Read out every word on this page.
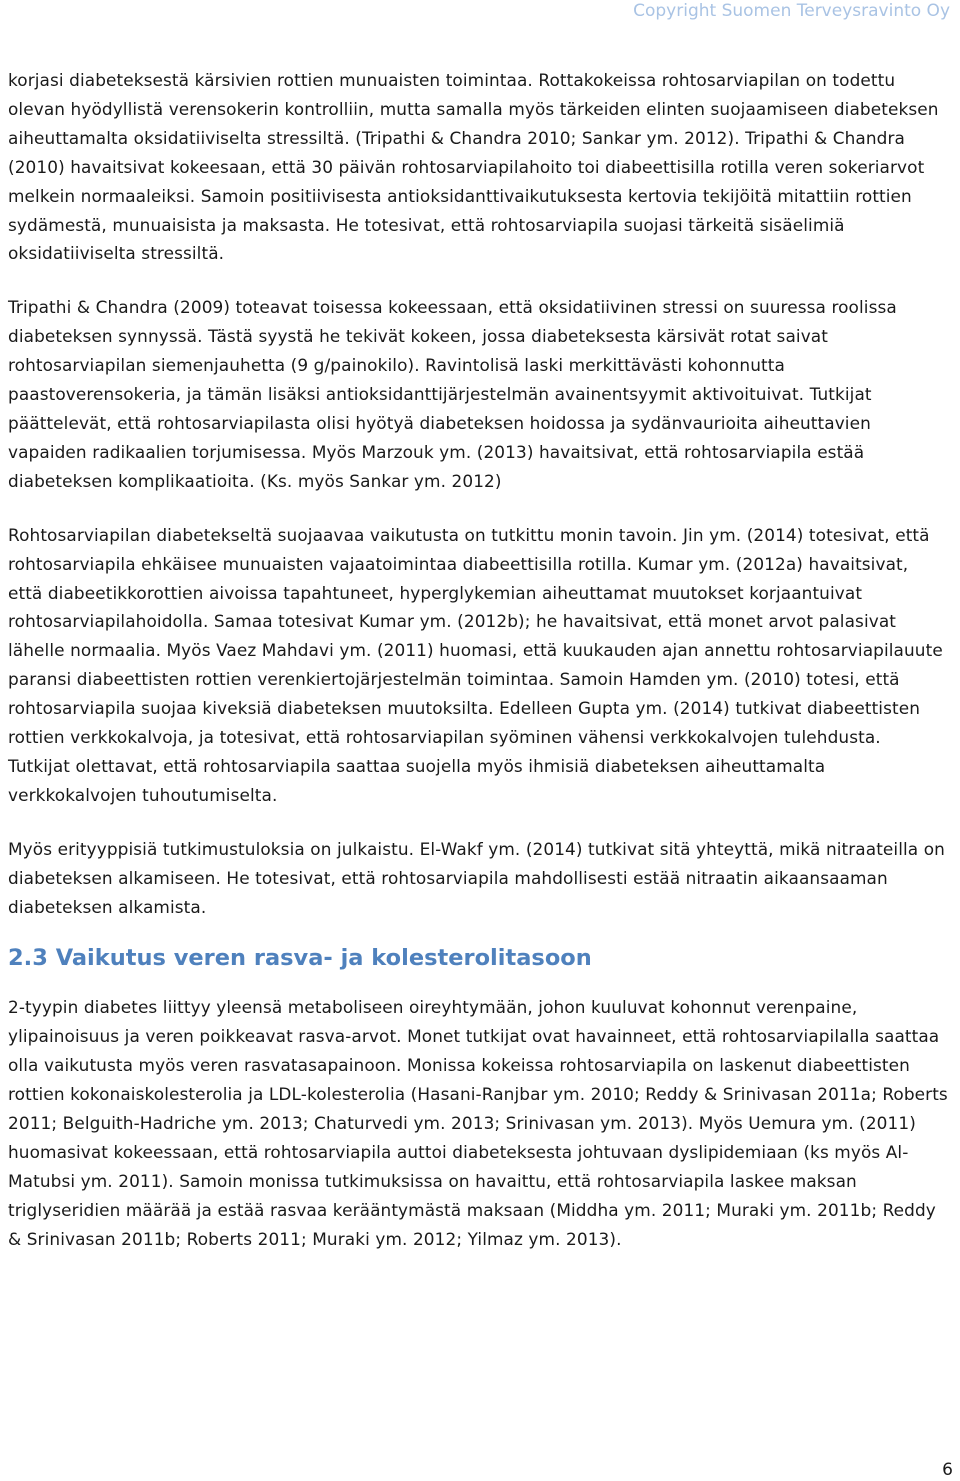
Copyright Suomen Terveysravinto Oy

korjasi diabeteksestä kärsivien rottien munuaisten toimintaa. Rottakokeissa rohtosarviapilan on todettu olevan hyödyllistä verensokerin kontrolliin, mutta samalla myös tärkeiden elinten suojaamiseen diabeteksen aiheuttamalta oksidatiiviselta stressiltä. (Tripathi & Chandra 2010; Sankar ym. 2012). Tripathi & Chandra (2010) havaitsivat kokeesaan, että 30 päivän rohtosarviapilahoito toi diabeettisilla rotilla veren sokeriarvot melkein normaaleiksi. Samoin positiivisesta antioksidanttivaikutuksesta kertovia tekijöitä mitattiin rottien sydämestä, munuaisista ja maksasta. He totesivat, että rohtosarviapila suojasi tärkeitä sisäelimiä oksidatiiviselta stressiltä.

Tripathi & Chandra (2009) toteavat toisessa kokeessaan, että oksidatiivinen stressi on suuressa roolissa diabeteksen synnyssä. Tästä syystä he tekivät kokeen, jossa diabeteksesta kärsivät rotat saivat rohtosarviapilan siemenjauhetta (9 g/painokilo). Ravintolisä laski merkittävästi kohonnutta paastoverensokeria, ja tämän lisäksi antioksidanttijärjestelmän avainentsyymit aktivoituivat. Tutkijat päättelevät, että rohtosarviapilasta olisi hyötyä diabeteksen hoidossa ja sydänvaurioita aiheuttavien vapaiden radikaalien torjumisessa. Myös Marzouk ym. (2013) havaitsivat, että rohtosarviapila estää diabeteksen komplikaatioita. (Ks. myös Sankar ym. 2012)

Rohtosarviapilan diabetekseltä suojaavaa vaikutusta on tutkittu monin tavoin. Jin ym. (2014) totesivat, että rohtosarviapila ehkäisee munuaisten vajaatoimintaa diabeettisilla rotilla. Kumar ym. (2012a) havaitsivat, että diabeetikkorottien aivoissa tapahtuneet, hyperglykemian aiheuttamat muutokset korjaantuivat rohtosarviapilahoidolla. Samaa totesivat Kumar ym. (2012b); he havaitsivat, että monet arvot palasivat lähelle normaalia. Myös Vaez Mahdavi ym. (2011) huomasi, että kuukauden ajan annettu rohtosarviapilauute paransi diabeettisten rottien verenkiertojärjestelmän toimintaa. Samoin Hamden ym. (2010) totesi, että rohtosarviapila suojaa kiveksiä diabeteksen muutoksilta. Edelleen Gupta ym. (2014) tutkivat diabeettisten rottien verkkokalvoja, ja totesivat, että rohtosarviapilan syöminen vähensi verkkokalvojen tulehdusta. Tutkijat olettavat, että rohtosarviapila saattaa suojella myös ihmisiä diabeteksen aiheuttamalta verkkokalvojen tuhoutumiselta.

Myös erityyppisiä tutkimustuloksia on julkaistu. El-Wakf ym. (2014) tutkivat sitä yhteyttä, mikä nitraateilla on diabeteksen alkamiseen. He totesivat, että rohtosarviapila mahdollisesti estää nitraatin aikaansaaman diabeteksen alkamista.

2.3 Vaikutus veren rasva- ja kolesterolitasoon

2-tyypin diabetes liittyy yleensä metaboliseen oireyhtymään, johon kuuluvat kohonnut verenpaine, ylipainoisuus ja veren poikkeavat rasva-arvot. Monet tutkijat ovat havainneet, että rohtosarviapilalla saattaa olla vaikutusta myös veren rasvatasapainoon. Monissa kokeissa rohtosarviapila on laskenut diabeettisten rottien kokonaiskolesterolia ja LDL-kolesterolia (Hasani-Ranjbar ym. 2010; Reddy & Srinivasan 2011a; Roberts 2011; Belguith-Hadriche ym. 2013; Chaturvedi ym. 2013; Srinivasan ym. 2013). Myös Uemura ym. (2011) huomasivat kokeessaan, että rohtosarviapila auttoi diabeteksesta johtuvaan dyslipidemiaan (ks myös Al-Matubsi ym. 2011). Samoin monissa tutkimuksissa on havaittu, että rohtosarviapila laskee maksan triglyseridien määrää ja estää rasvaa kerääntymästä maksaan (Middha ym. 2011; Muraki ym. 2011b; Reddy & Srinivasan 2011b; Roberts 2011; Muraki ym. 2012; Yilmaz ym. 2013).

6
